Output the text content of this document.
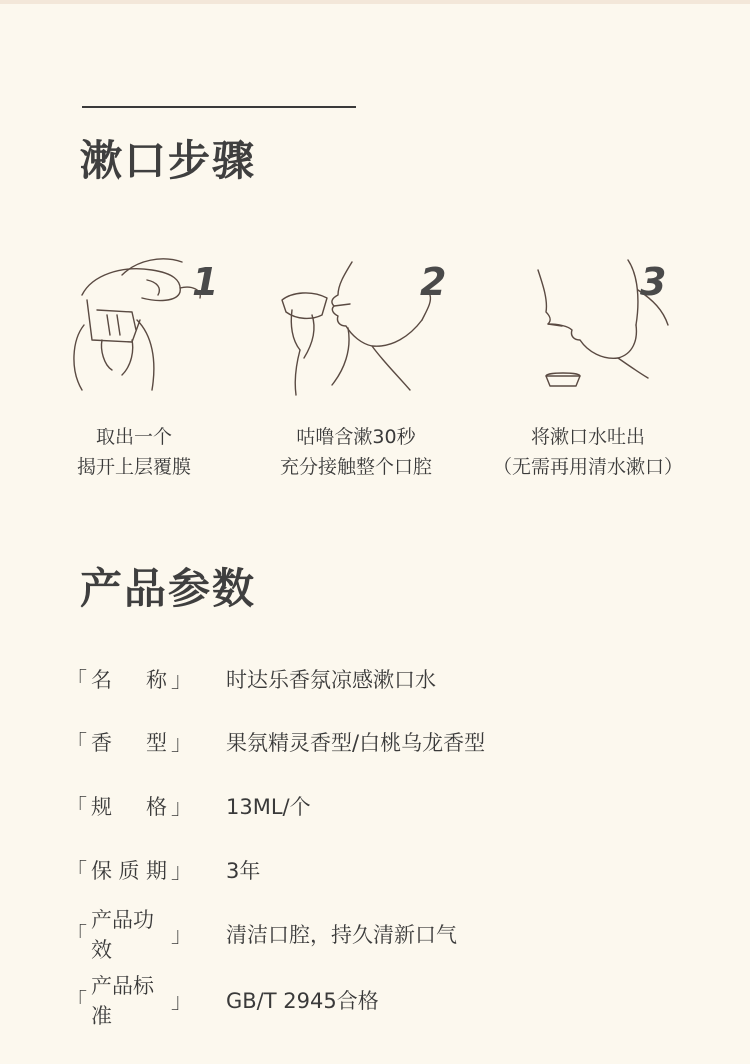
漱口步骤
1	2	3
取出一个
揭开上层覆膜
咕噜含漱30秒
充分接触整个口腔
将漱口水吐出
（无需再用清水漱口）
产品参数
「 名 称 」 时达乐香氛凉感漱口水
「 香 型 」 果氛精灵香型/白桃乌龙香型
「 规 格 」 13ML/个
「 保 质 期 」 3年
「
产品功效
」 清洁口腔，持久清新口气
「
产品标准
」 GB/T 2945合格
